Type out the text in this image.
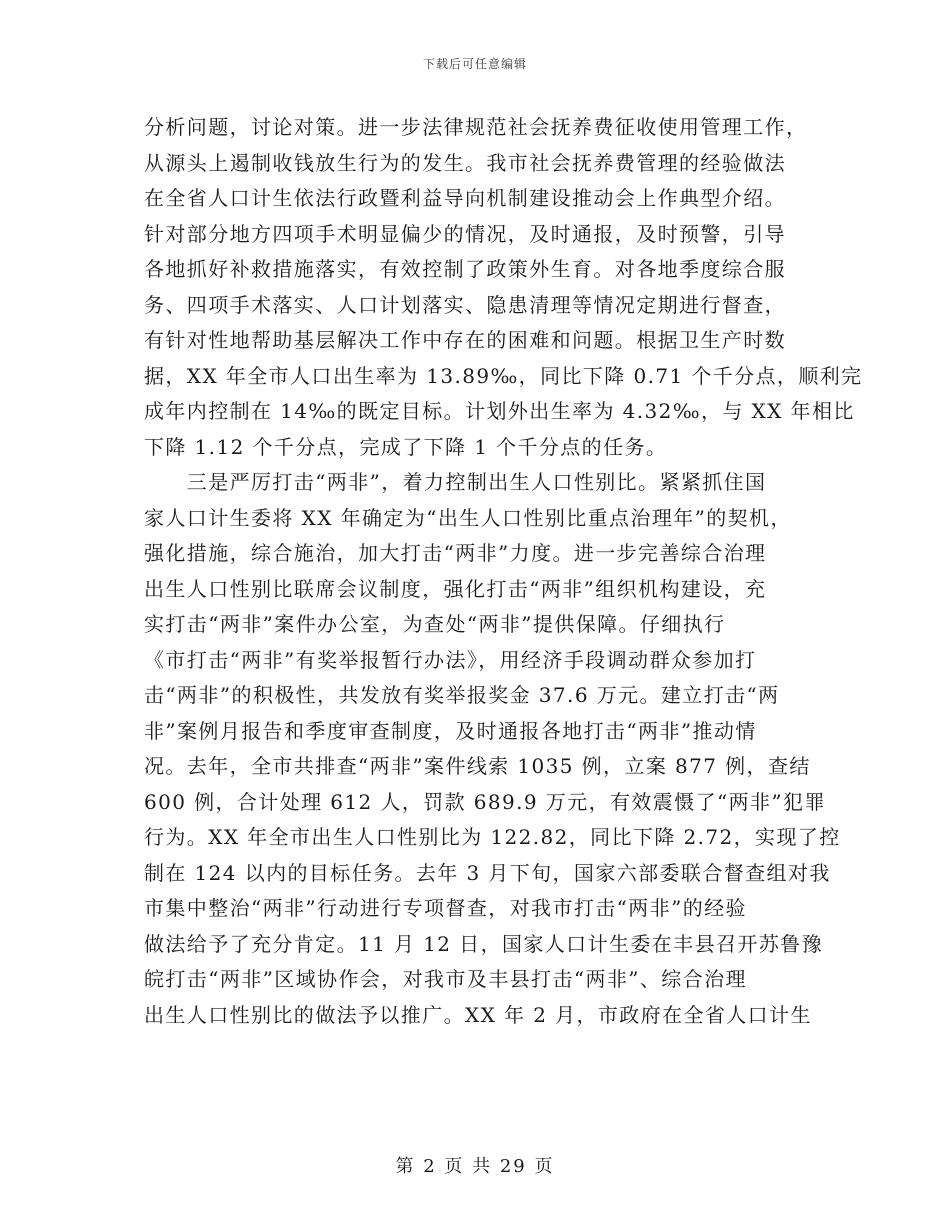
下载后可任意编辑
分析问题，讨论对策。进一步法律规范社会抚养费征收使用管理工作，
从源头上遏制收钱放生行为的发生。我市社会抚养费管理的经验做法
在全省人口计生依法行政暨利益导向机制建设推动会上作典型介绍。
针对部分地方四项手术明显偏少的情况，及时通报，及时预警，引导
各地抓好补救措施落实，有效控制了政策外生育。对各地季度综合服
务、四项手术落实、人口计划落实、隐患清理等情况定期进行督查，
有针对性地帮助基层解决工作中存在的困难和问题。根据卫生产时数
据，XX 年全市人口出生率为 13.89‰，同比下降 0.71 个千分点，顺利完
成年内控制在 14‰的既定目标。计划外出生率为 4.32‰，与 XX 年相比
下降 1.12 个千分点，完成了下降 1 个千分点的任务。
　　三是严厉打击“两非”，着力控制出生人口性别比。紧紧抓住国
家人口计生委将 XX 年确定为“出生人口性别比重点治理年”的契机，
强化措施，综合施治，加大打击“两非”力度。进一步完善综合治理
出生人口性别比联席会议制度，强化打击“两非”组织机构建设，充
实打击“两非”案件办公室，为查处“两非”提供保障。仔细执行
《市打击“两非”有奖举报暂行办法》，用经济手段调动群众参加打
击“两非”的积极性，共发放有奖举报奖金 37.6 万元。建立打击“两
非”案例月报告和季度审查制度，及时通报各地打击“两非”推动情
况。去年，全市共排查“两非”案件线索 1035 例，立案 877 例，查结
600 例，合计处理 612 人，罚款 689.9 万元，有效震慑了“两非”犯罪
行为。XX 年全市出生人口性别比为 122.82，同比下降 2.72，实现了控
制在 124 以内的目标任务。去年 3 月下旬，国家六部委联合督查组对我
市集中整治“两非”行动进行专项督查，对我市打击“两非”的经验
做法给予了充分肯定。11 月 12 日，国家人口计生委在丰县召开苏鲁豫
皖打击“两非”区域协作会，对我市及丰县打击“两非”、综合治理
出生人口性别比的做法予以推广。XX 年 2 月，市政府在全省人口计生
第 2 页 共 29 页
